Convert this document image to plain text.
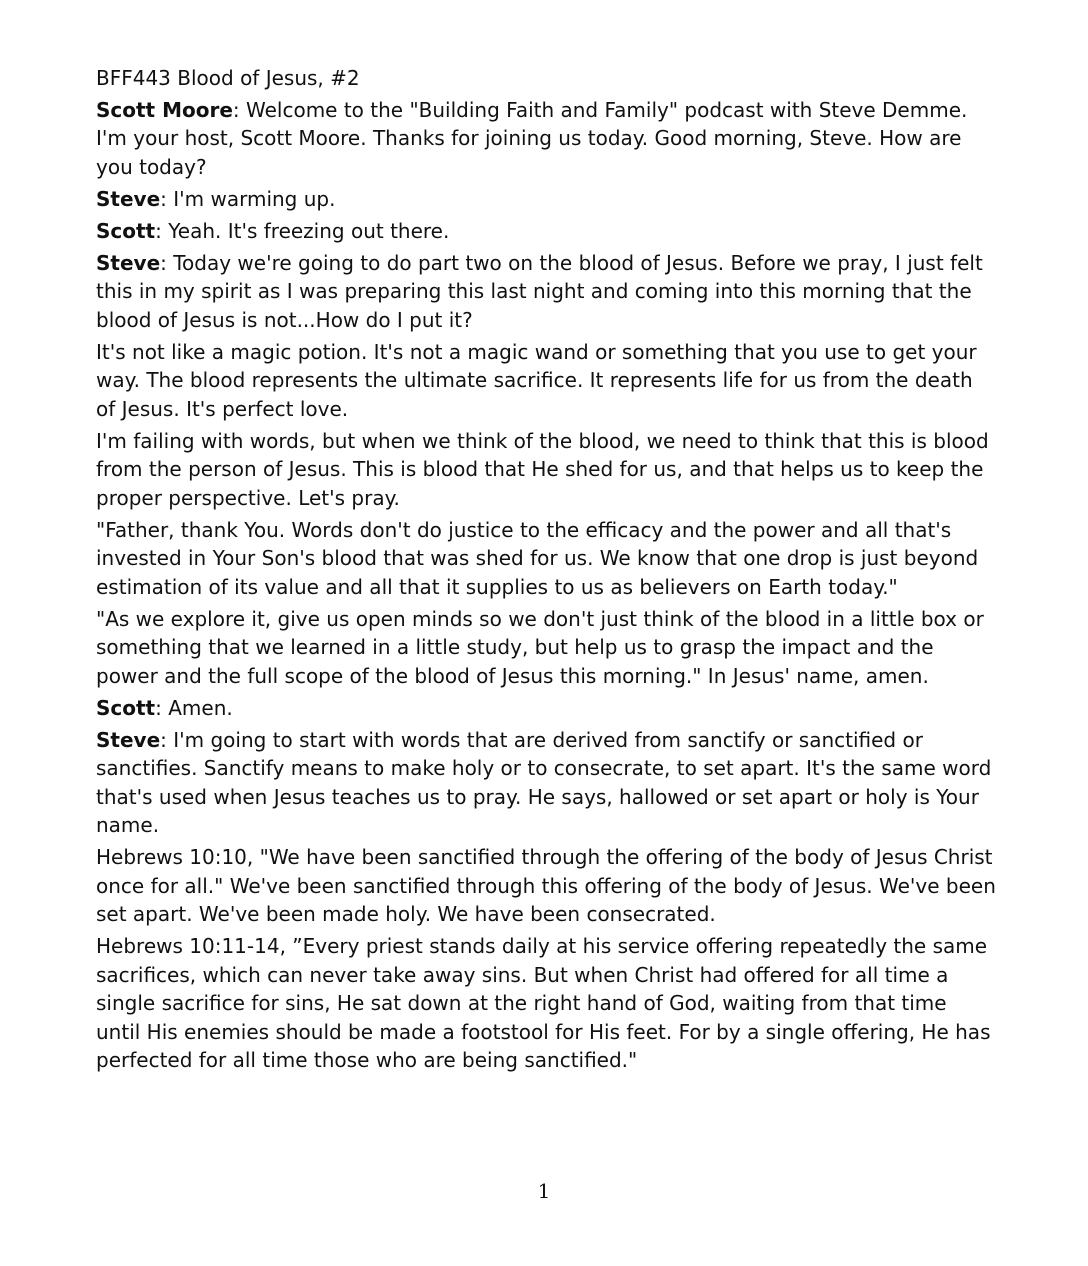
BFF443 Blood of Jesus, #2

Scott Moore: Welcome to the "Building Faith and Family" podcast with Steve Demme. I'm your host, Scott Moore. Thanks for joining us today. Good morning, Steve. How are you today?

Steve: I'm warming up.

Scott: Yeah. It's freezing out there.

Steve: Today we're going to do part two on the blood of Jesus. Before we pray, I just felt this in my spirit as I was preparing this last night and coming into this morning that the blood of Jesus is not...How do I put it?

It's not like a magic potion. It's not a magic wand or something that you use to get your way. The blood represents the ultimate sacrifice. It represents life for us from the death of Jesus. It's perfect love.

I'm failing with words, but when we think of the blood, we need to think that this is blood from the person of Jesus. This is blood that He shed for us, and that helps us to keep the proper perspective. Let's pray.

"Father, thank You. Words don't do justice to the efficacy and the power and all that's invested in Your Son's blood that was shed for us. We know that one drop is just beyond estimation of its value and all that it supplies to us as believers on Earth today."

"As we explore it, give us open minds so we don't just think of the blood in a little box or something that we learned in a little study, but help us to grasp the impact and the power and the full scope of the blood of Jesus this morning." In Jesus' name, amen.

Scott: Amen.

Steve: I'm going to start with words that are derived from sanctify or sanctified or sanctifies. Sanctify means to make holy or to consecrate, to set apart. It's the same word that's used when Jesus teaches us to pray. He says, hallowed or set apart or holy is Your name.

Hebrews 10:10, "We have been sanctified through the offering of the body of Jesus Christ once for all." We've been sanctified through this offering of the body of Jesus. We've been set apart. We've been made holy. We have been consecrated.

Hebrews 10:11-14, ”Every priest stands daily at his service offering repeatedly the same sacrifices, which can never take away sins. But when Christ had offered for all time a single sacrifice for sins, He sat down at the right hand of God, waiting from that time until His enemies should be made a footstool for His feet. For by a single offering, He has perfected for all time those who are being sanctified."

1
